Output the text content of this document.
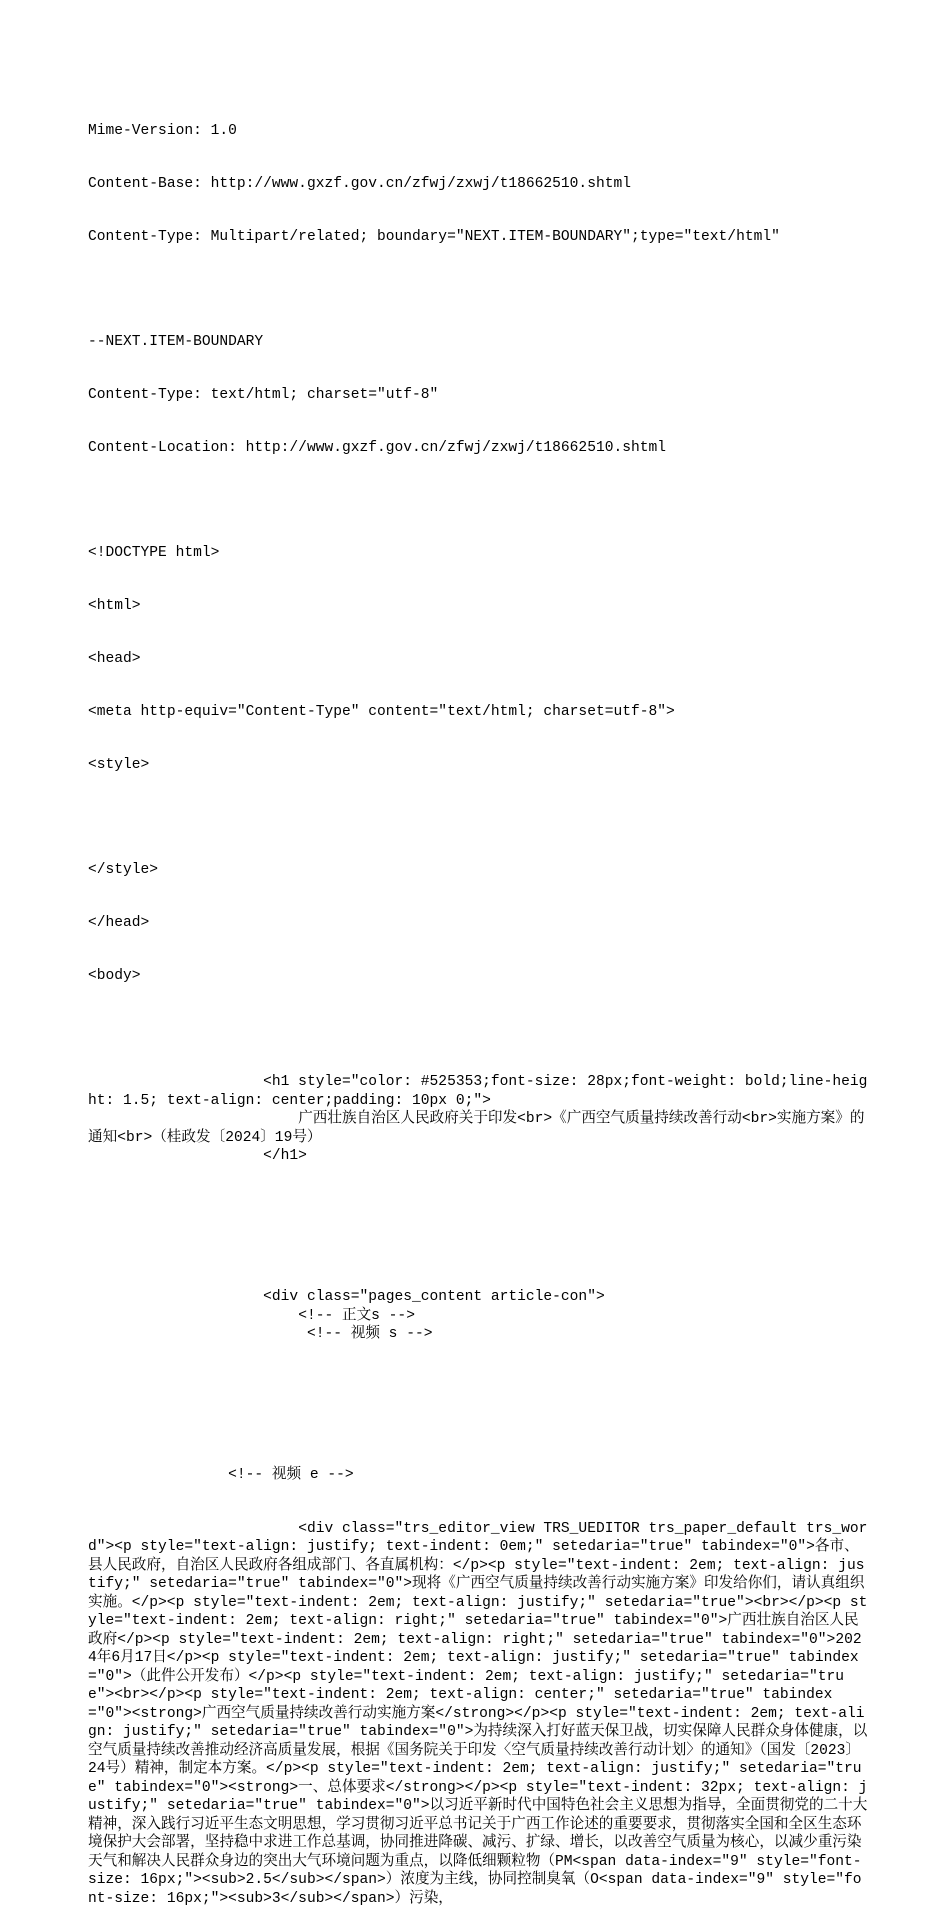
Mime-Version: 1.0

Content-Base: http://www.gxzf.gov.cn/zfwj/zxwj/t18662510.shtml

Content-Type: Multipart/related; boundary="NEXT.ITEM-BOUNDARY";type="text/html"

--NEXT.ITEM-BOUNDARY

Content-Type: text/html; charset="utf-8"

Content-Location: http://www.gxzf.gov.cn/zfwj/zxwj/t18662510.shtml

<!DOCTYPE html>

<html>

<head>

<meta http-equiv="Content-Type" content="text/html; charset=utf-8">

<style>

</style>

</head>

<body>

<h1 style="color: #525353;font-size: 28px;font-weight: bold;line-height: 1.5; text-align: center;padding: 10px 0;">
广西壮族自治区人民政府关于印发<br>《广西空气质量持续改善行动<br>实施方案》的通知<br>（桂政发〔2024〕19号）
</h1>

<div class="pages_content article-con">
<!-- 正文s -->
<!-- 视频 s -->

<!-- 视频 e -->

<div class="trs_editor_view TRS_UEDITOR trs_paper_default trs_word"><p style="text-align: justify; text-indent: 0em;" setedaria="true" tabindex="0">各市、县人民政府，自治区人民政府各组成部门、各直属机构：</p><p style="text-indent: 2em; text-align: justify;" setedaria="true" tabindex="0">现将《广西空气质量持续改善行动实施方案》印发给你们，请认真组织实施。</p><p style="text-indent: 2em; text-align: justify;" setedaria="true"><br></p><p style="text-indent: 2em; text-align: right;" setedaria="true" tabindex="0">广西壮族自治区人民政府</p><p style="text-indent: 2em; text-align: right;" setedaria="true" tabindex="0">2024年6月17日</p><p style="text-indent: 2em; text-align: justify;" setedaria="true" tabindex="0">（此件公开发布）</p><p style="text-indent: 2em; text-align: justify;" setedaria="true"><br></p><p style="text-indent: 2em; text-align: center;" setedaria="true" tabindex="0"><strong>广西空气质量持续改善行动实施方案</strong></p><p style="text-indent: 2em; text-align: justify;" setedaria="true" tabindex="0">为持续深入打好蓝天保卫战，切实保障人民群众身体健康，以空气质量持续改善推动经济高质量发展，根据《国务院关于印发〈空气质量持续改善行动计划〉的通知》（国发〔2023〕24号）精神，制定本方案。</p><p style="text-indent: 2em; text-align: justify;" setedaria="true" tabindex="0"><strong>一、总体要求</strong></p><p style="text-indent: 32px; text-align: justify;" setedaria="true" tabindex="0">以习近平新时代中国特色社会主义思想为指导，全面贯彻党的二十大精神，深入践行习近平生态文明思想，学习贯彻习近平总书记关于广西工作论述的重要要求，贯彻落实全国和全区生态环境保护大会部署，坚持稳中求进工作总基调，协同推进降碳、减污、扩绿、增长，以改善空气质量为核心，以减少重污染天气和解决人民群众身边的突出大气环境问题为重点，以降低细颗粒物（PM<span data-index="9" style="font-size: 16px;"><sub>2.5</sub></span>）浓度为主线，协同控制臭氧（O<span data-index="9" style="font-size: 16px;"><sub>3</sub></span>）污染，
